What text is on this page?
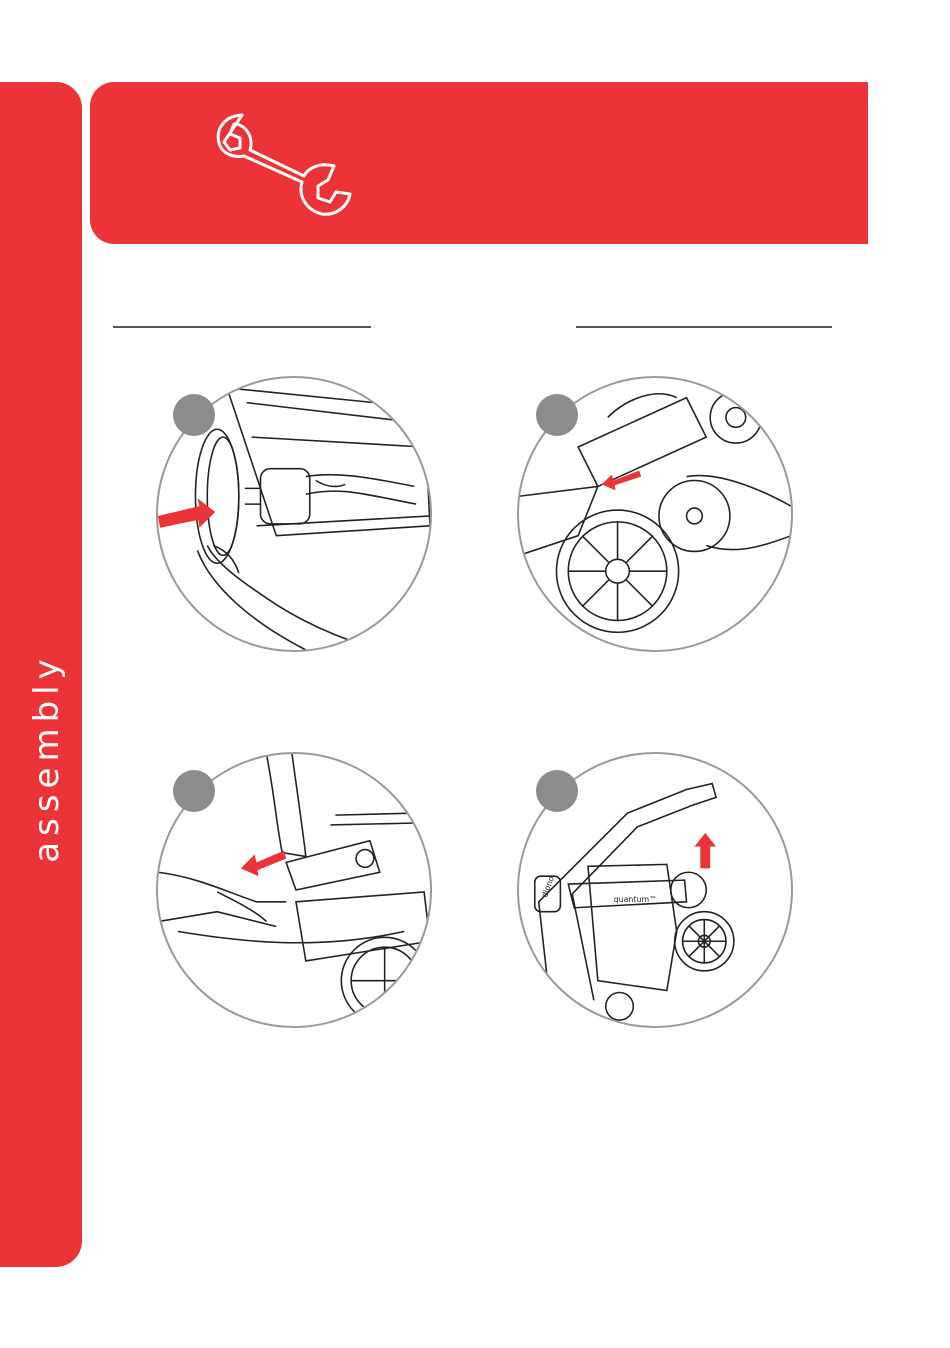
assembly
diono
quantum™
